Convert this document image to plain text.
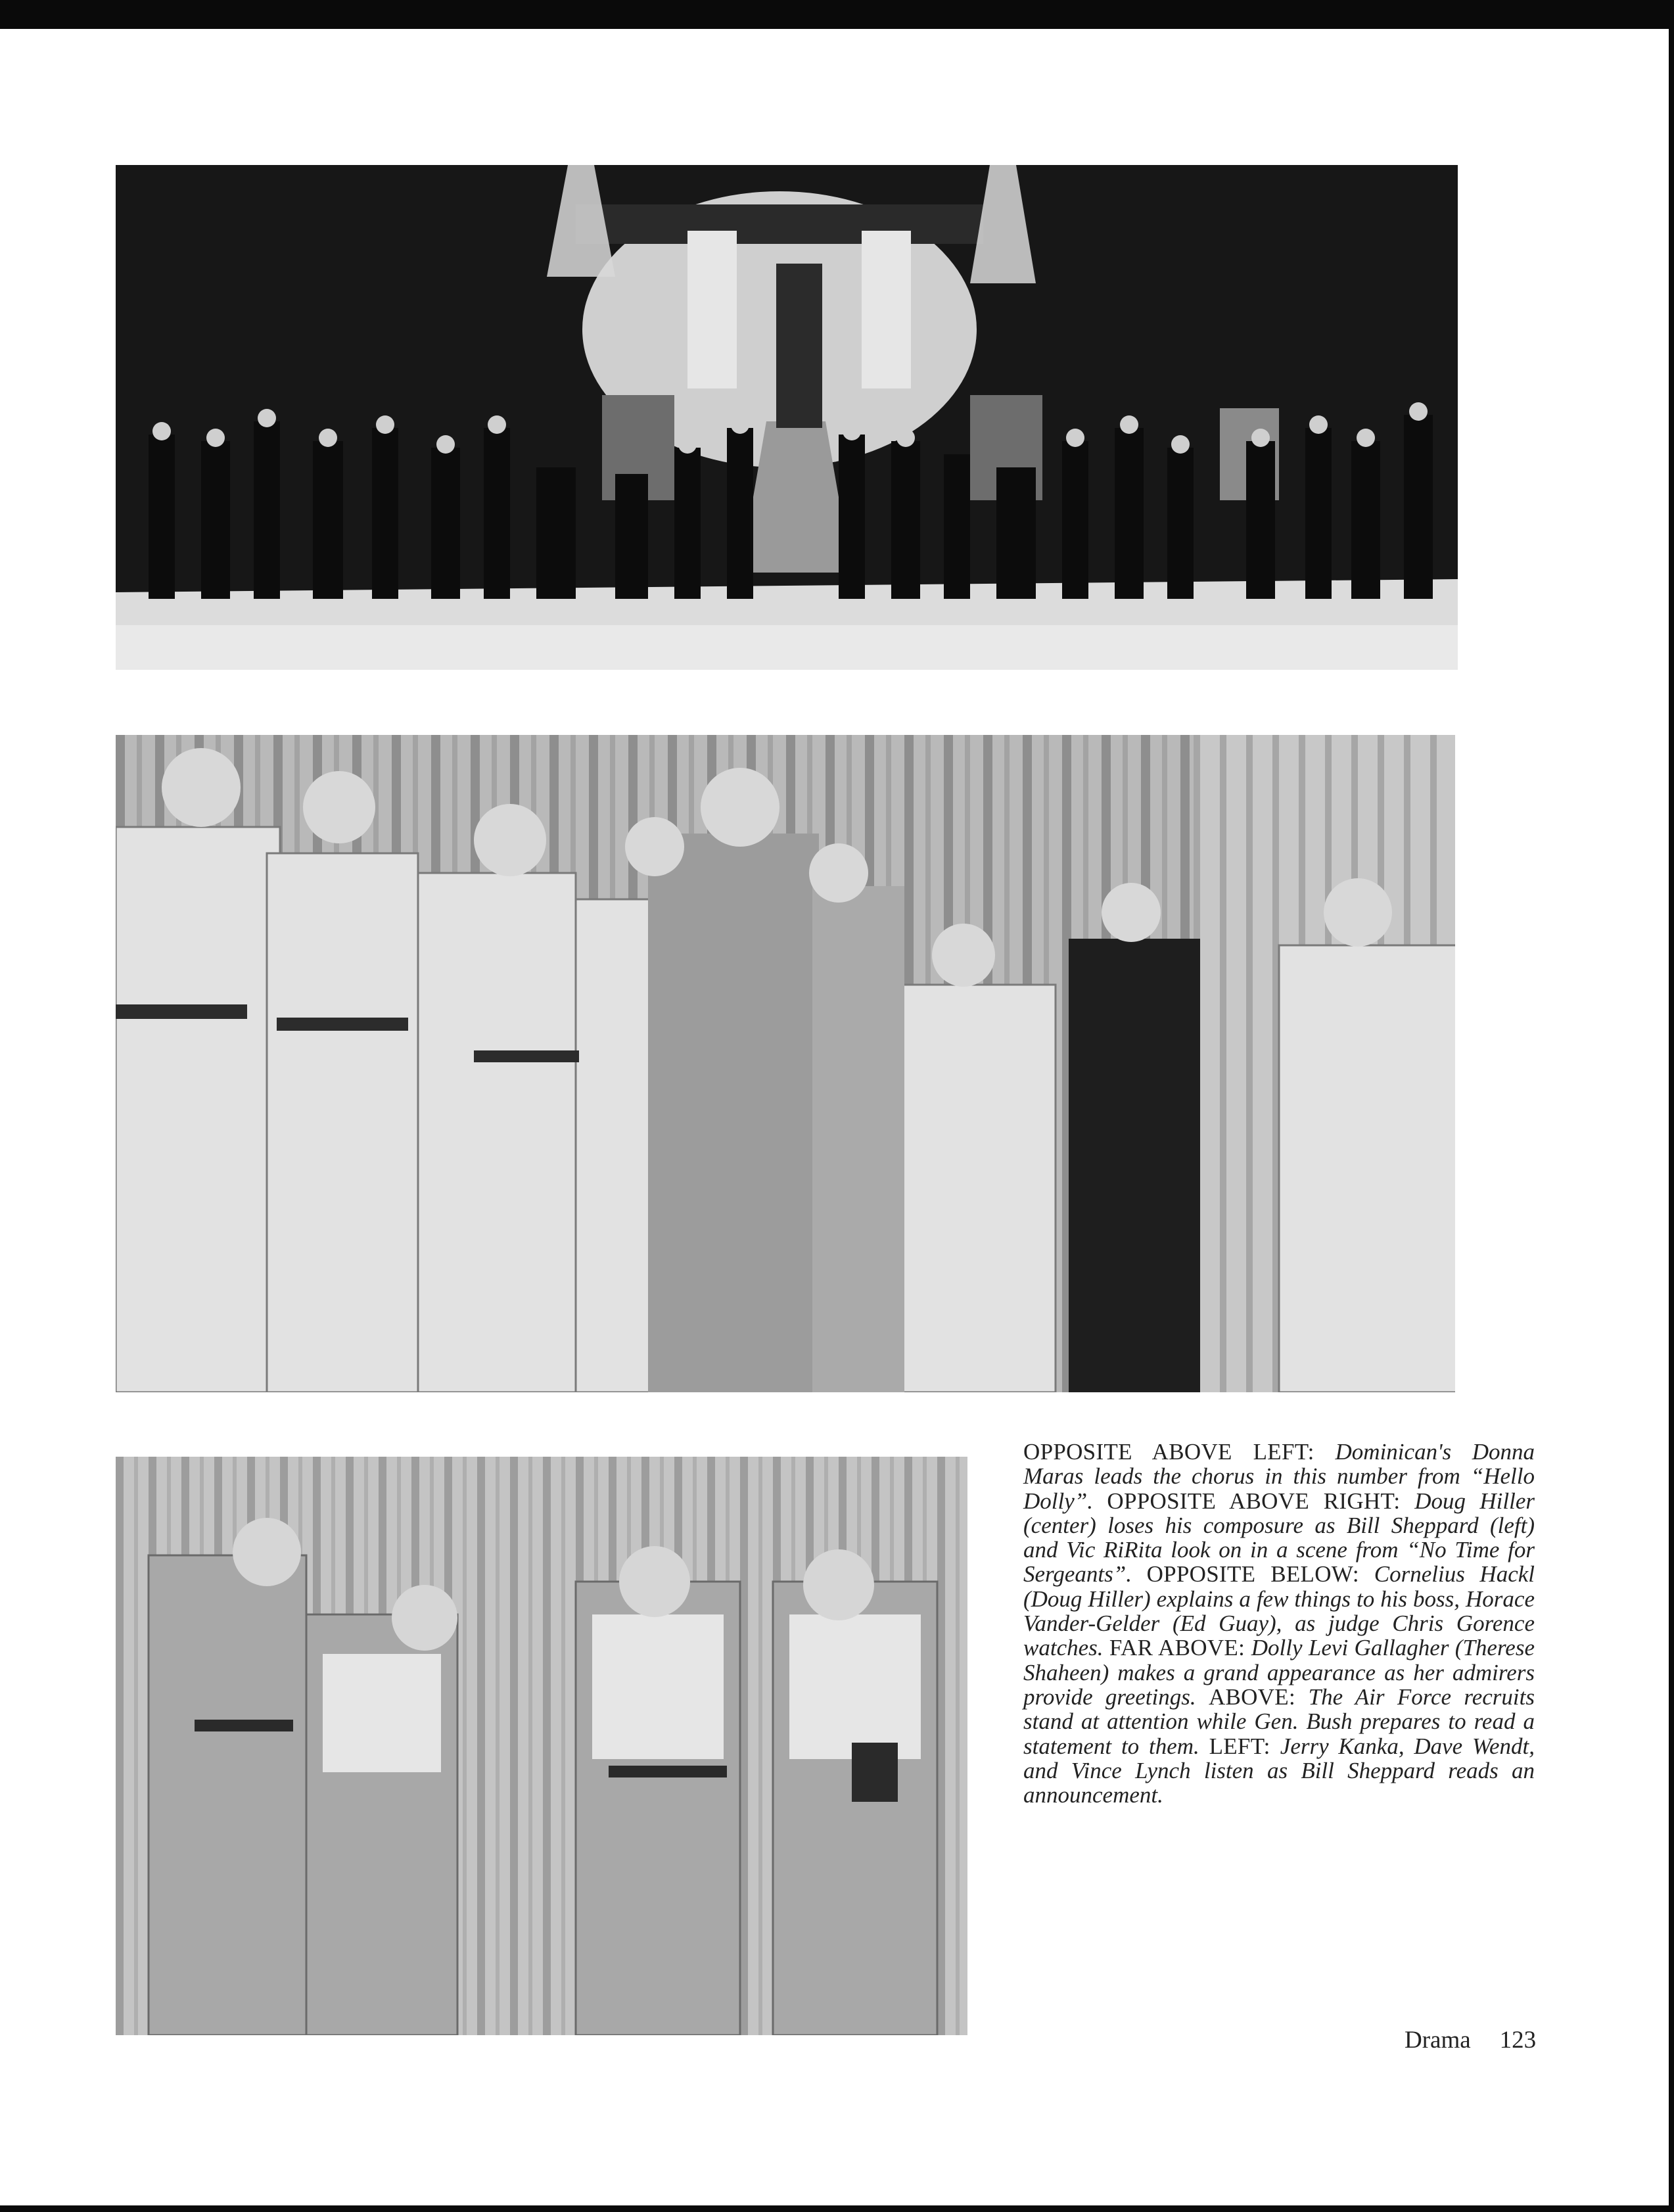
OPPOSITE ABOVE LEFT: Dominican's Donna Maras leads the chorus in this number from “Hello Dolly”. OPPOSITE ABOVE RIGHT: Doug Hiller (center) loses his composure as Bill Sheppard (left) and Vic RiRita look on in a scene from “No Time for Sergeants”. OPPOSITE BELOW: Cornelius Hackl (Doug Hiller) explains a few things to his boss, Horace Vander-Gelder (Ed Guay), as judge Chris Gorence watches. FAR ABOVE: Dolly Levi Gallagher (Therese Shaheen) makes a grand appearance as her admirers provide greetings. ABOVE: The Air Force recruits stand at attention while Gen. Bush prepares to read a statement to them. LEFT: Jerry Kanka, Dave Wendt, and Vince Lynch listen as Bill Sheppard reads an announcement.
Drama 123
